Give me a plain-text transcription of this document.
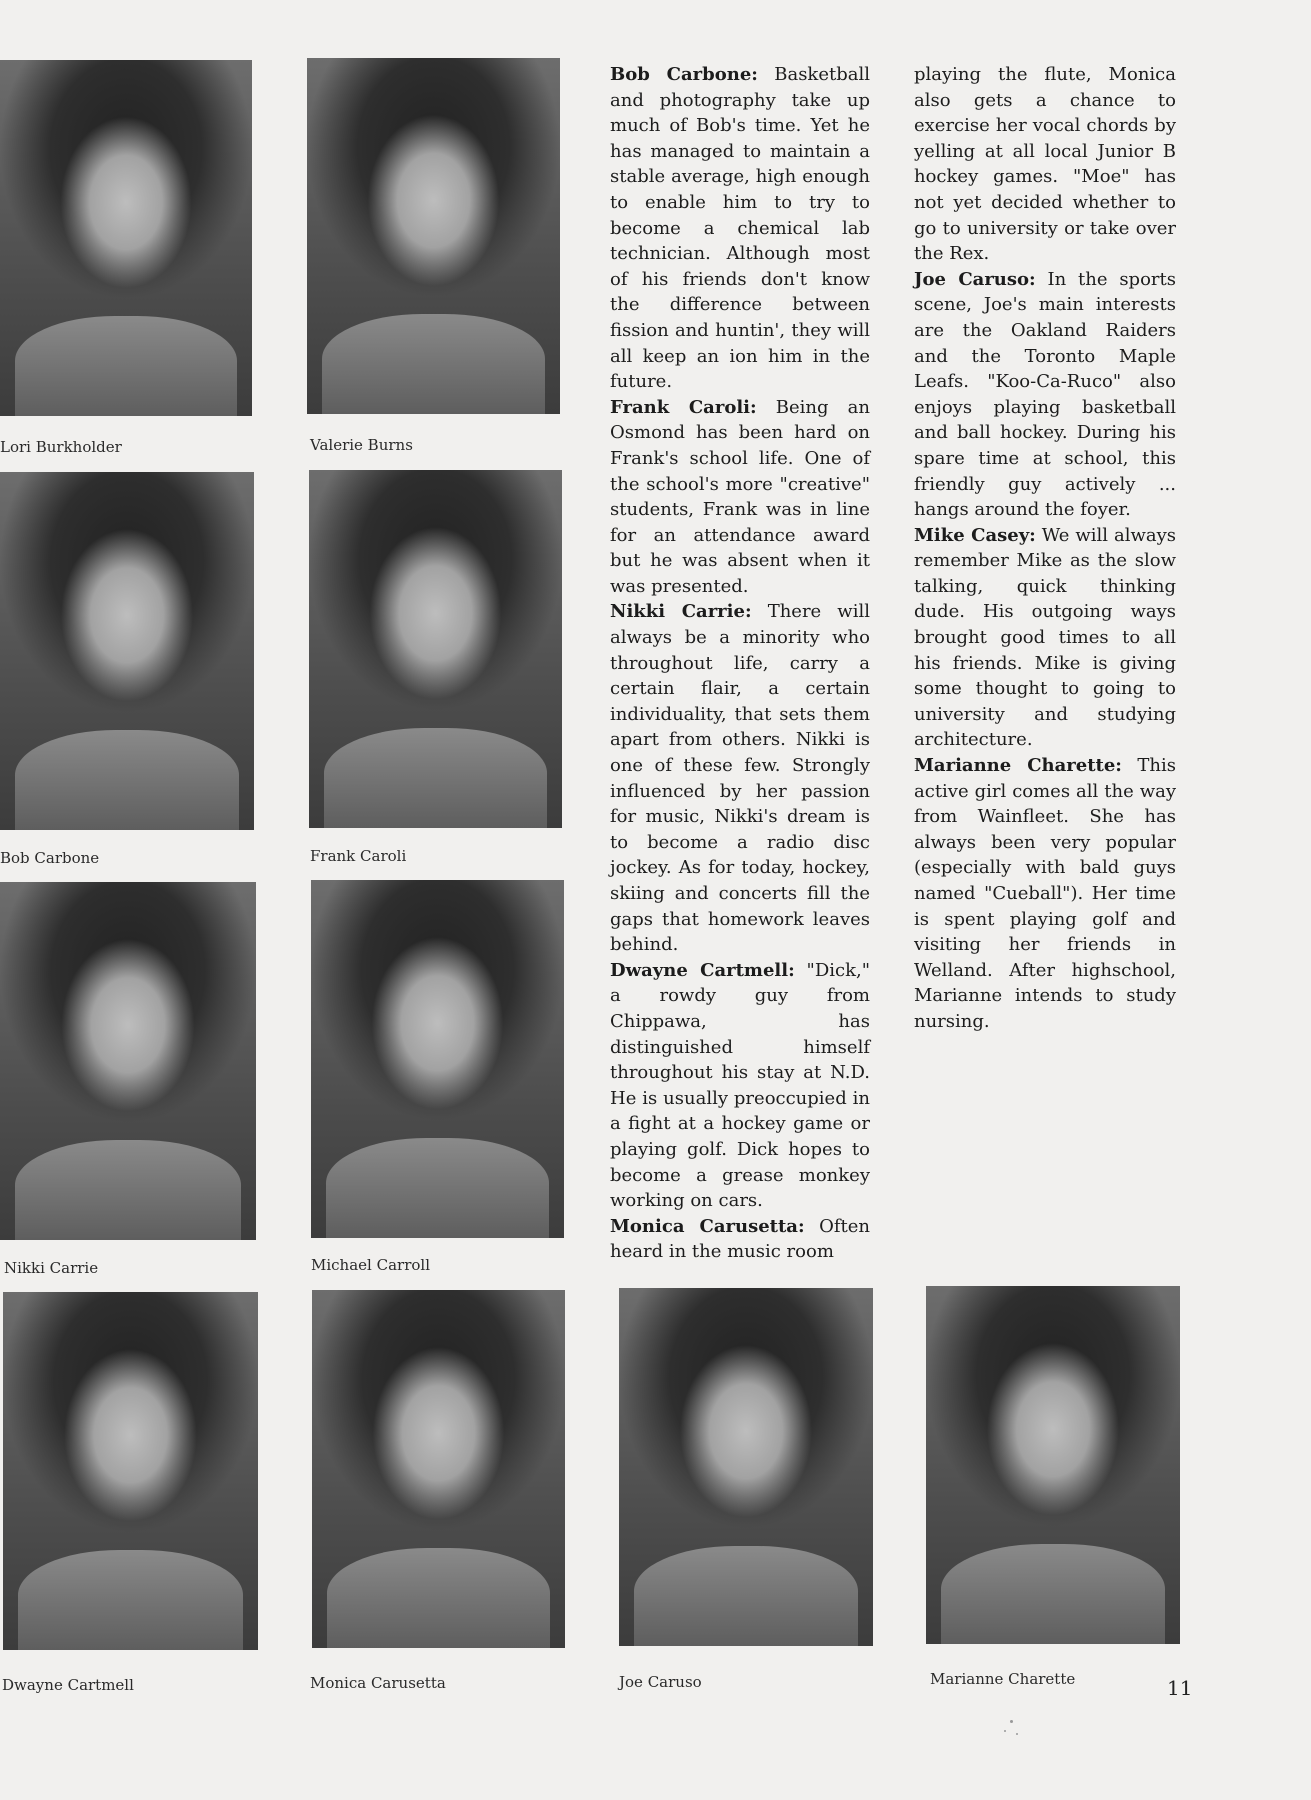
Lori Burkholder	Valerie Burns
Bob Carbone	Frank Caroli
Nikki Carrie	Michael Carroll
Dwayne Cartmell	Monica Carusetta	Joe Caruso	Marianne Charette

Bob Carbone: Basketball and photography take up much of Bob's time. Yet he has managed to maintain a stable average, high enough to enable him to try to become a chemical lab technician. Although most of his friends don't know the difference between fission and huntin', they will all keep an ion him in the future.

Frank Caroli: Being an Osmond has been hard on Frank's school life. One of the school's more "creative" students, Frank was in line for an attendance award but he was absent when it was presented.

Nikki Carrie: There will always be a minority who throughout life, carry a certain flair, a certain individuality, that sets them apart from others. Nikki is one of these few. Strongly influenced by her passion for music, Nikki's dream is to become a radio disc jockey. As for today, hockey, skiing and concerts fill the gaps that homework leaves behind.

Dwayne Cartmell: "Dick," a rowdy guy from Chippawa, has distinguished himself throughout his stay at N.D. He is usually preoccupied in a fight at a hockey game or playing golf. Dick hopes to become a grease monkey working on cars.

Monica Carusetta: Often heard in the music room

playing the flute, Monica also gets a chance to exercise her vocal chords by yelling at all local Junior B hockey games. "Moe" has not yet decided whether to go to university or take over the Rex.

Joe Caruso: In the sports scene, Joe's main interests are the Oakland Raiders and the Toronto Maple Leafs. "Koo-Ca-Ruco" also enjoys playing basketball and ball hockey. During his spare time at school, this friendly guy actively ... hangs around the foyer.

Mike Casey: We will always remember Mike as the slow talking, quick thinking dude. His outgoing ways brought good times to all his friends. Mike is giving some thought to going to university and studying architecture.

Marianne Charette: This active girl comes all the way from Wainfleet. She has always been very popular (especially with bald guys named "Cueball"). Her time is spent playing golf and visiting her friends in Welland. After highschool, Marianne intends to study nursing.

11
